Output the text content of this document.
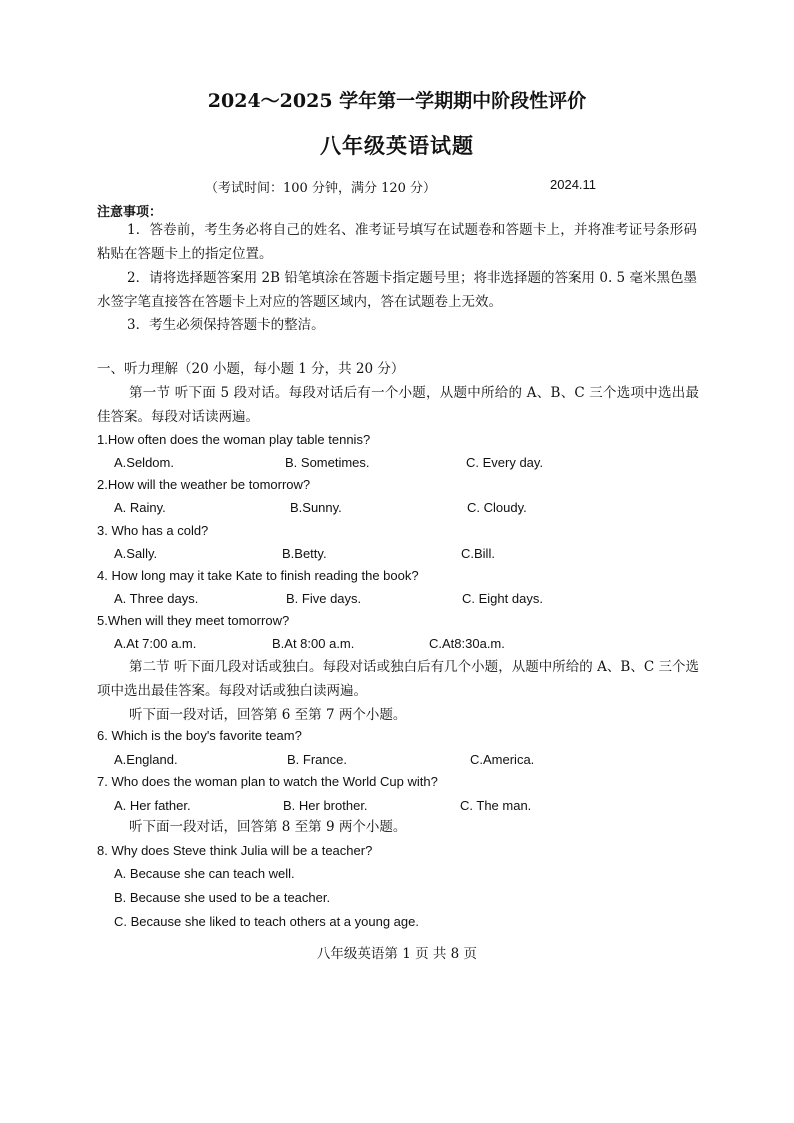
2024～2025 学年第一学期期中阶段性评价
八年级英语试题
（考试时间：100 分钟，满分 120 分）	2024.11
注意事项：
1．答卷前，考生务必将自己的姓名、准考证号填写在试题卷和答题卡上，并将准考证号条形码粘贴在答题卡上的指定位置。
2．请将选择题答案用 2B 铅笔填涂在答题卡指定题号里；将非选择题的答案用 0. 5 毫米黑色墨水签字笔直接答在答题卡上对应的答题区域内，答在试题卷上无效。
3．考生必须保持答题卡的整洁。
一、听力理解（20 小题，每小题 1 分，共 20 分）
第一节 听下面 5 段对话。每段对话后有一个小题，从题中所给的 A、B、C 三个选项中选出最佳答案。每段对话读两遍。
1.How often does the woman play table tennis?
A.Seldom.	B. Sometimes.	C. Every day.
2.How will the weather be tomorrow?
A. Rainy.	B.Sunny.	C. Cloudy.
3. Who has a cold?
A.Sally.	B.Betty.	C.Bill.
4. How long may it take Kate to finish reading the book?
A. Three days.	B. Five days.	C. Eight days.
5.When will they meet tomorrow?
A.At 7:00 a.m.	B.At 8:00 a.m.	C.At8:30a.m.
第二节 听下面几段对话或独白。每段对话或独白后有几个小题，从题中所给的 A、B、C 三个选项中选出最佳答案。每段对话或独白读两遍。
听下面一段对话，回答第 6 至第 7 两个小题。
6. Which is the boy's favorite team?
A.England.	B. France.	C.America.
7. Who does the woman plan to watch the World Cup with?
A. Her father.	B. Her brother.	C. The man.
听下面一段对话，回答第 8 至第 9 两个小题。
8. Why does Steve think Julia will be a teacher?
A. Because she can teach well.
B. Because she used to be a teacher.
C. Because she liked to teach others at a young age.
八年级英语第 1 页 共 8 页
